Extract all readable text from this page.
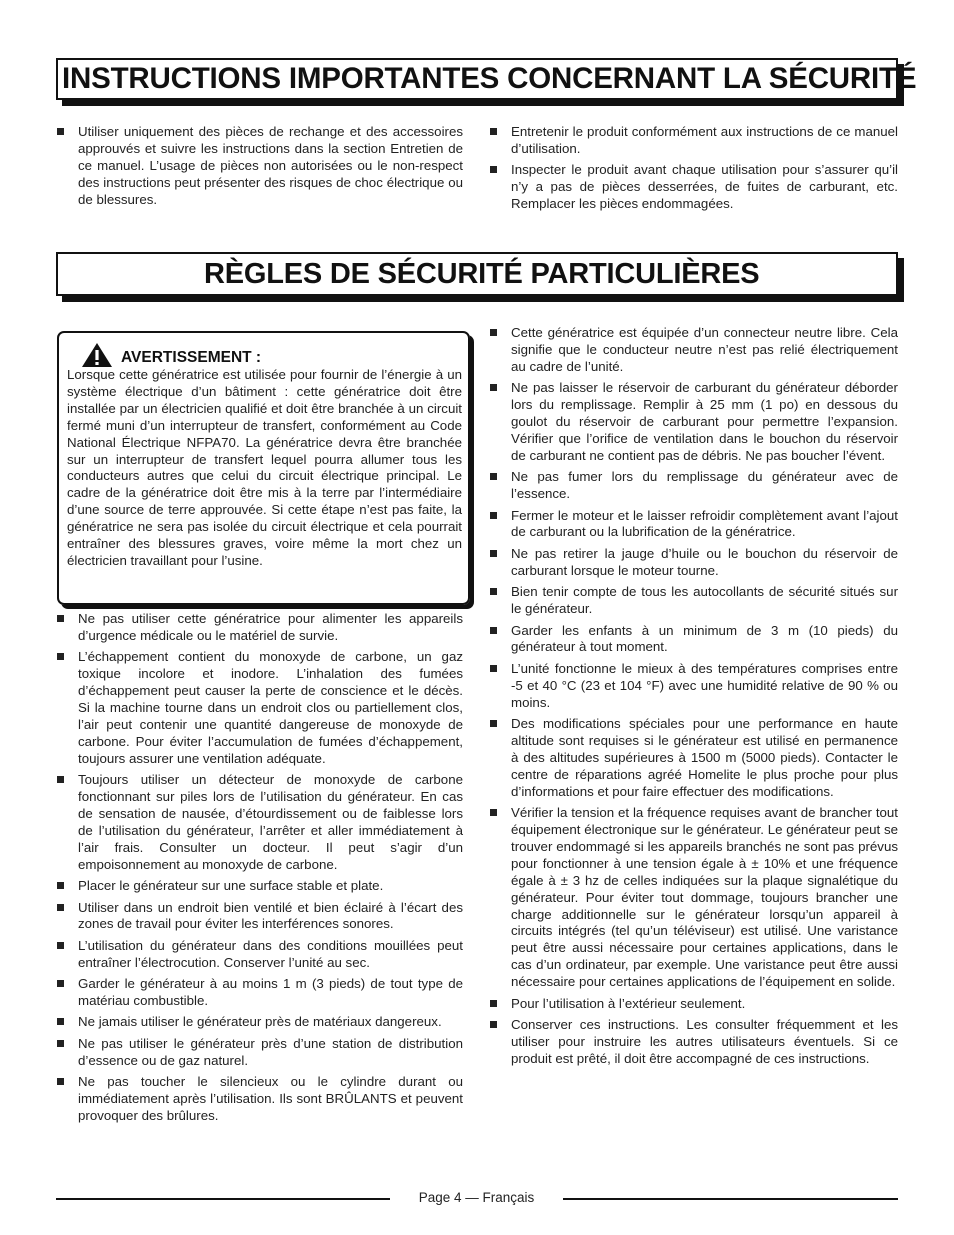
INSTRUCTIONS IMPORTANTES CONCERNANT LA SÉCURITÉ
Utiliser uniquement des pièces de rechange et des accessoires approuvés et suivre les instructions dans la section Entretien de ce manuel. L’usage de pièces non autorisées ou le non-respect des instructions peut présenter des risques de choc électrique ou de blessures.
Entretenir le produit conformément aux instructions de ce manuel d’utilisation.
Inspecter le produit avant chaque utilisation pour s’assurer qu’il n’y a pas de pièces desserrées, de fuites de carburant, etc. Remplacer les pièces endommagées.
RÈGLES DE SÉCURITÉ PARTICULIÈRES
AVERTISSEMENT :
Lorsque cette génératrice est utilisée pour fournir de l’énergie à un système électrique d’un bâtiment : cette génératrice doit être installée par un électricien qualifié et doit être branchée à un circuit fermé muni d’un interrupteur de transfert, conformément au Code National Électrique NFPA70. La génératrice devra être branchée sur un interrupteur de transfert lequel pourra allumer tous les conducteurs autres que celui du circuit électrique principal. Le cadre de la génératrice doit être mis à la terre par l’intermédiaire d’une source de terre approuvée. Si cette étape n’est pas faite, la génératrice ne sera pas isolée du circuit électrique et cela pourrait entraîner des blessures graves, voire même la mort chez un électricien travaillant pour l’usine.
Ne pas utiliser cette génératrice pour alimenter les appareils d’urgence médicale ou le matériel de survie.
L’échappement contient du monoxyde de carbone, un gaz toxique incolore et inodore. L’inhalation des fumées d’échappement peut causer la perte de conscience et le décès. Si la machine tourne dans un endroit clos ou partiellement clos, l’air peut contenir une quantité dangereuse de monoxyde de carbone. Pour éviter l’accumulation de fumées d’échappement, toujours assurer une ventilation adéquate.
Toujours utiliser un détecteur de monoxyde de carbone fonctionnant sur piles lors de l’utilisation du générateur. En cas de sensation de nausée, d’étourdissement ou de faiblesse lors de l’utilisation du générateur, l’arrêter et aller immédiatement à l’air frais. Consulter un docteur. Il peut s’agir d’un empoisonnement au monoxyde de carbone.
Placer le générateur sur une surface stable et plate.
Utiliser dans un endroit bien ventilé et bien éclairé à l’écart des zones de travail pour éviter les interférences sonores.
L’utilisation du générateur dans des conditions mouillées peut entraîner l’électrocution. Conserver l’unité au sec.
Garder le générateur à au moins 1 m (3 pieds) de tout type de matériau combustible.
Ne jamais utiliser le générateur près de matériaux dangereux.
Ne pas utiliser le générateur près d’une station de distribution d’essence ou de gaz naturel.
Ne pas toucher le silencieux ou le cylindre durant ou immédiatement après l’utilisation. Ils sont BRÛLANTS et peuvent provoquer des brûlures.
Cette génératrice est équipée d’un connecteur neutre libre. Cela signifie que le conducteur neutre n’est pas relié électriquement au cadre de l’unité.
Ne pas laisser le réservoir de carburant du générateur déborder lors du remplissage. Remplir à 25 mm (1 po) en dessous du goulot du réservoir de carburant pour permettre l’expansion. Vérifier que l’orifice de ventilation dans le bouchon du réservoir de carburant ne contient pas de débris. Ne pas boucher l’évent.
Ne pas fumer lors du remplissage du générateur avec de l’essence.
Fermer le moteur et le laisser refroidir complètement avant l’ajout de carburant ou la lubrification de la génératrice.
Ne pas retirer la jauge d’huile ou le bouchon du réservoir de carburant lorsque le moteur tourne.
Bien tenir compte de tous les autocollants de sécurité situés sur le générateur.
Garder les enfants à un minimum de 3 m (10 pieds) du générateur à tout moment.
L’unité fonctionne le mieux à des températures comprises entre -5 et 40 °C (23 et 104 °F) avec une humidité relative de 90 % ou moins.
Des modifications spéciales pour une performance en haute altitude sont requises si le générateur est utilisé en permanence à des altitudes supérieures à 1500 m (5000 pieds). Contacter le centre de réparations agréé Homelite le plus proche pour plus d’informations et pour faire effectuer des modifications.
Vérifier la tension et la fréquence requises avant de brancher tout équipement électronique sur le générateur. Le générateur peut se trouver endommagé si les appareils branchés ne sont pas prévus pour fonctionner à une tension égale à ± 10% et une fréquence égale à ± 3 hz de celles indiquées sur la plaque signalétique du générateur. Pour éviter tout dommage, toujours brancher une charge additionnelle sur le générateur lorsqu’un appareil à circuits intégrés (tel qu’un téléviseur) est utilisé. Une varistance peut être aussi nécessaire pour certaines applications, dans le cas d’un ordinateur, par exemple. Une varistance peut être aussi nécessaire pour certaines applications de l’équipement en solide.
Pour l’utilisation à l’extérieur seulement.
Conserver ces instructions. Les consulter fréquemment et les utiliser pour instruire les autres utilisateurs éventuels. Si ce produit est prêté, il doit être accompagné de ces instructions.
Page 4 — Français
